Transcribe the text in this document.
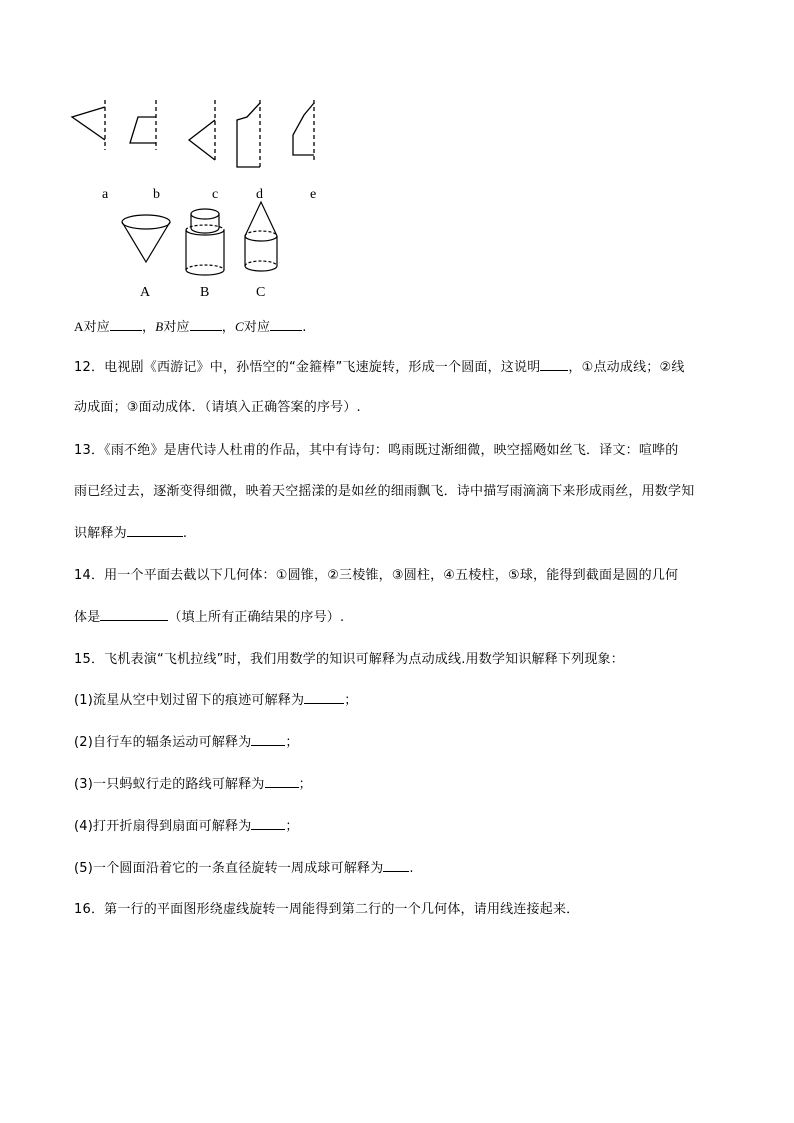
a	b	c	d	e
A	B	C
A对应 ，B对应 ，C对应 .
12．电视剧《西游记》中，孙悟空的“金箍棒”飞速旋转，形成一个圆面，这说明 ，①点动成线；②线
动成面；③面动成体．（请填入正确答案的序号）.
13．《雨不绝》是唐代诗人杜甫的作品，其中有诗句：鸣雨既过渐细微，映空摇飏如丝飞．译文：喧哗的
雨已经过去，逐渐变得细微，映着天空摇漾的是如丝的细雨飘飞．诗中描写雨滴滴下来形成雨丝，用数学知
识解释为	.
14．用一个平面去截以下几何体：①圆锥，②三棱锥，③圆柱，④五棱柱，⑤球，能得到截面是圆的几何
体是	（填上所有正确结果的序号）.
15．飞机表演“飞机拉线”时，我们用数学的知识可解释为点动成线.用数学知识解释下列现象：
(1)流星从空中划过留下的痕迹可解释为	；
(2)自行车的辐条运动可解释为	；
(3)一只蚂蚁行走的路线可解释为	；
(4)打开折扇得到扇面可解释为	；
(5)一个圆面沿着它的一条直径旋转一周成球可解释为 .
16．第一行的平面图形绕虚线旋转一周能得到第二行的一个几何体，请用线连接起来．
